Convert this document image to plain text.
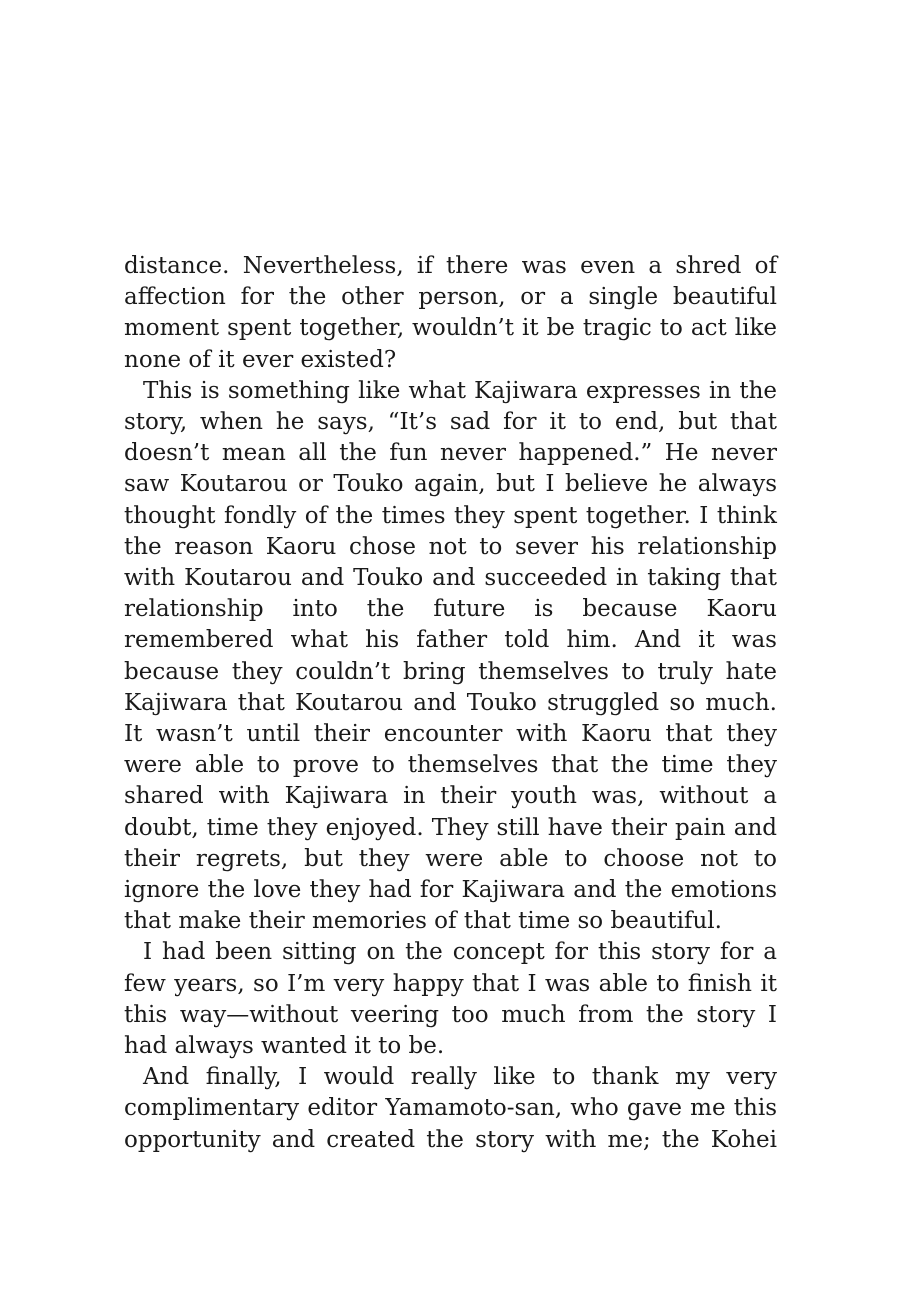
distance. Nevertheless, if there was even a shred of affection for the other person, or a single beautiful moment spent together, wouldn’t it be tragic to act like none of it ever existed?

This is something like what Kajiwara expresses in the story, when he says, “It’s sad for it to end, but that doesn’t mean all the fun never happened.” He never saw Koutarou or Touko again, but I believe he always thought fondly of the times they spent together. I think the reason Kaoru chose not to sever his relationship with Koutarou and Touko and succeeded in taking that relationship into the future is because Kaoru remembered what his father told him. And it was because they couldn’t bring themselves to truly hate Kajiwara that Koutarou and Touko struggled so much. It wasn’t until their encounter with Kaoru that they were able to prove to themselves that the time they shared with Kajiwara in their youth was, without a doubt, time they enjoyed. They still have their pain and their regrets, but they were able to choose not to ignore the love they had for Kajiwara and the emotions that make their memories of that time so beautiful.

I had been sitting on the concept for this story for a few years, so I’m very happy that I was able to finish it this way—without veering too much from the story I had always wanted it to be.

And finally, I would really like to thank my very complimentary editor Yamamoto-san, who gave me this opportunity and created the story with me; the Kohei
